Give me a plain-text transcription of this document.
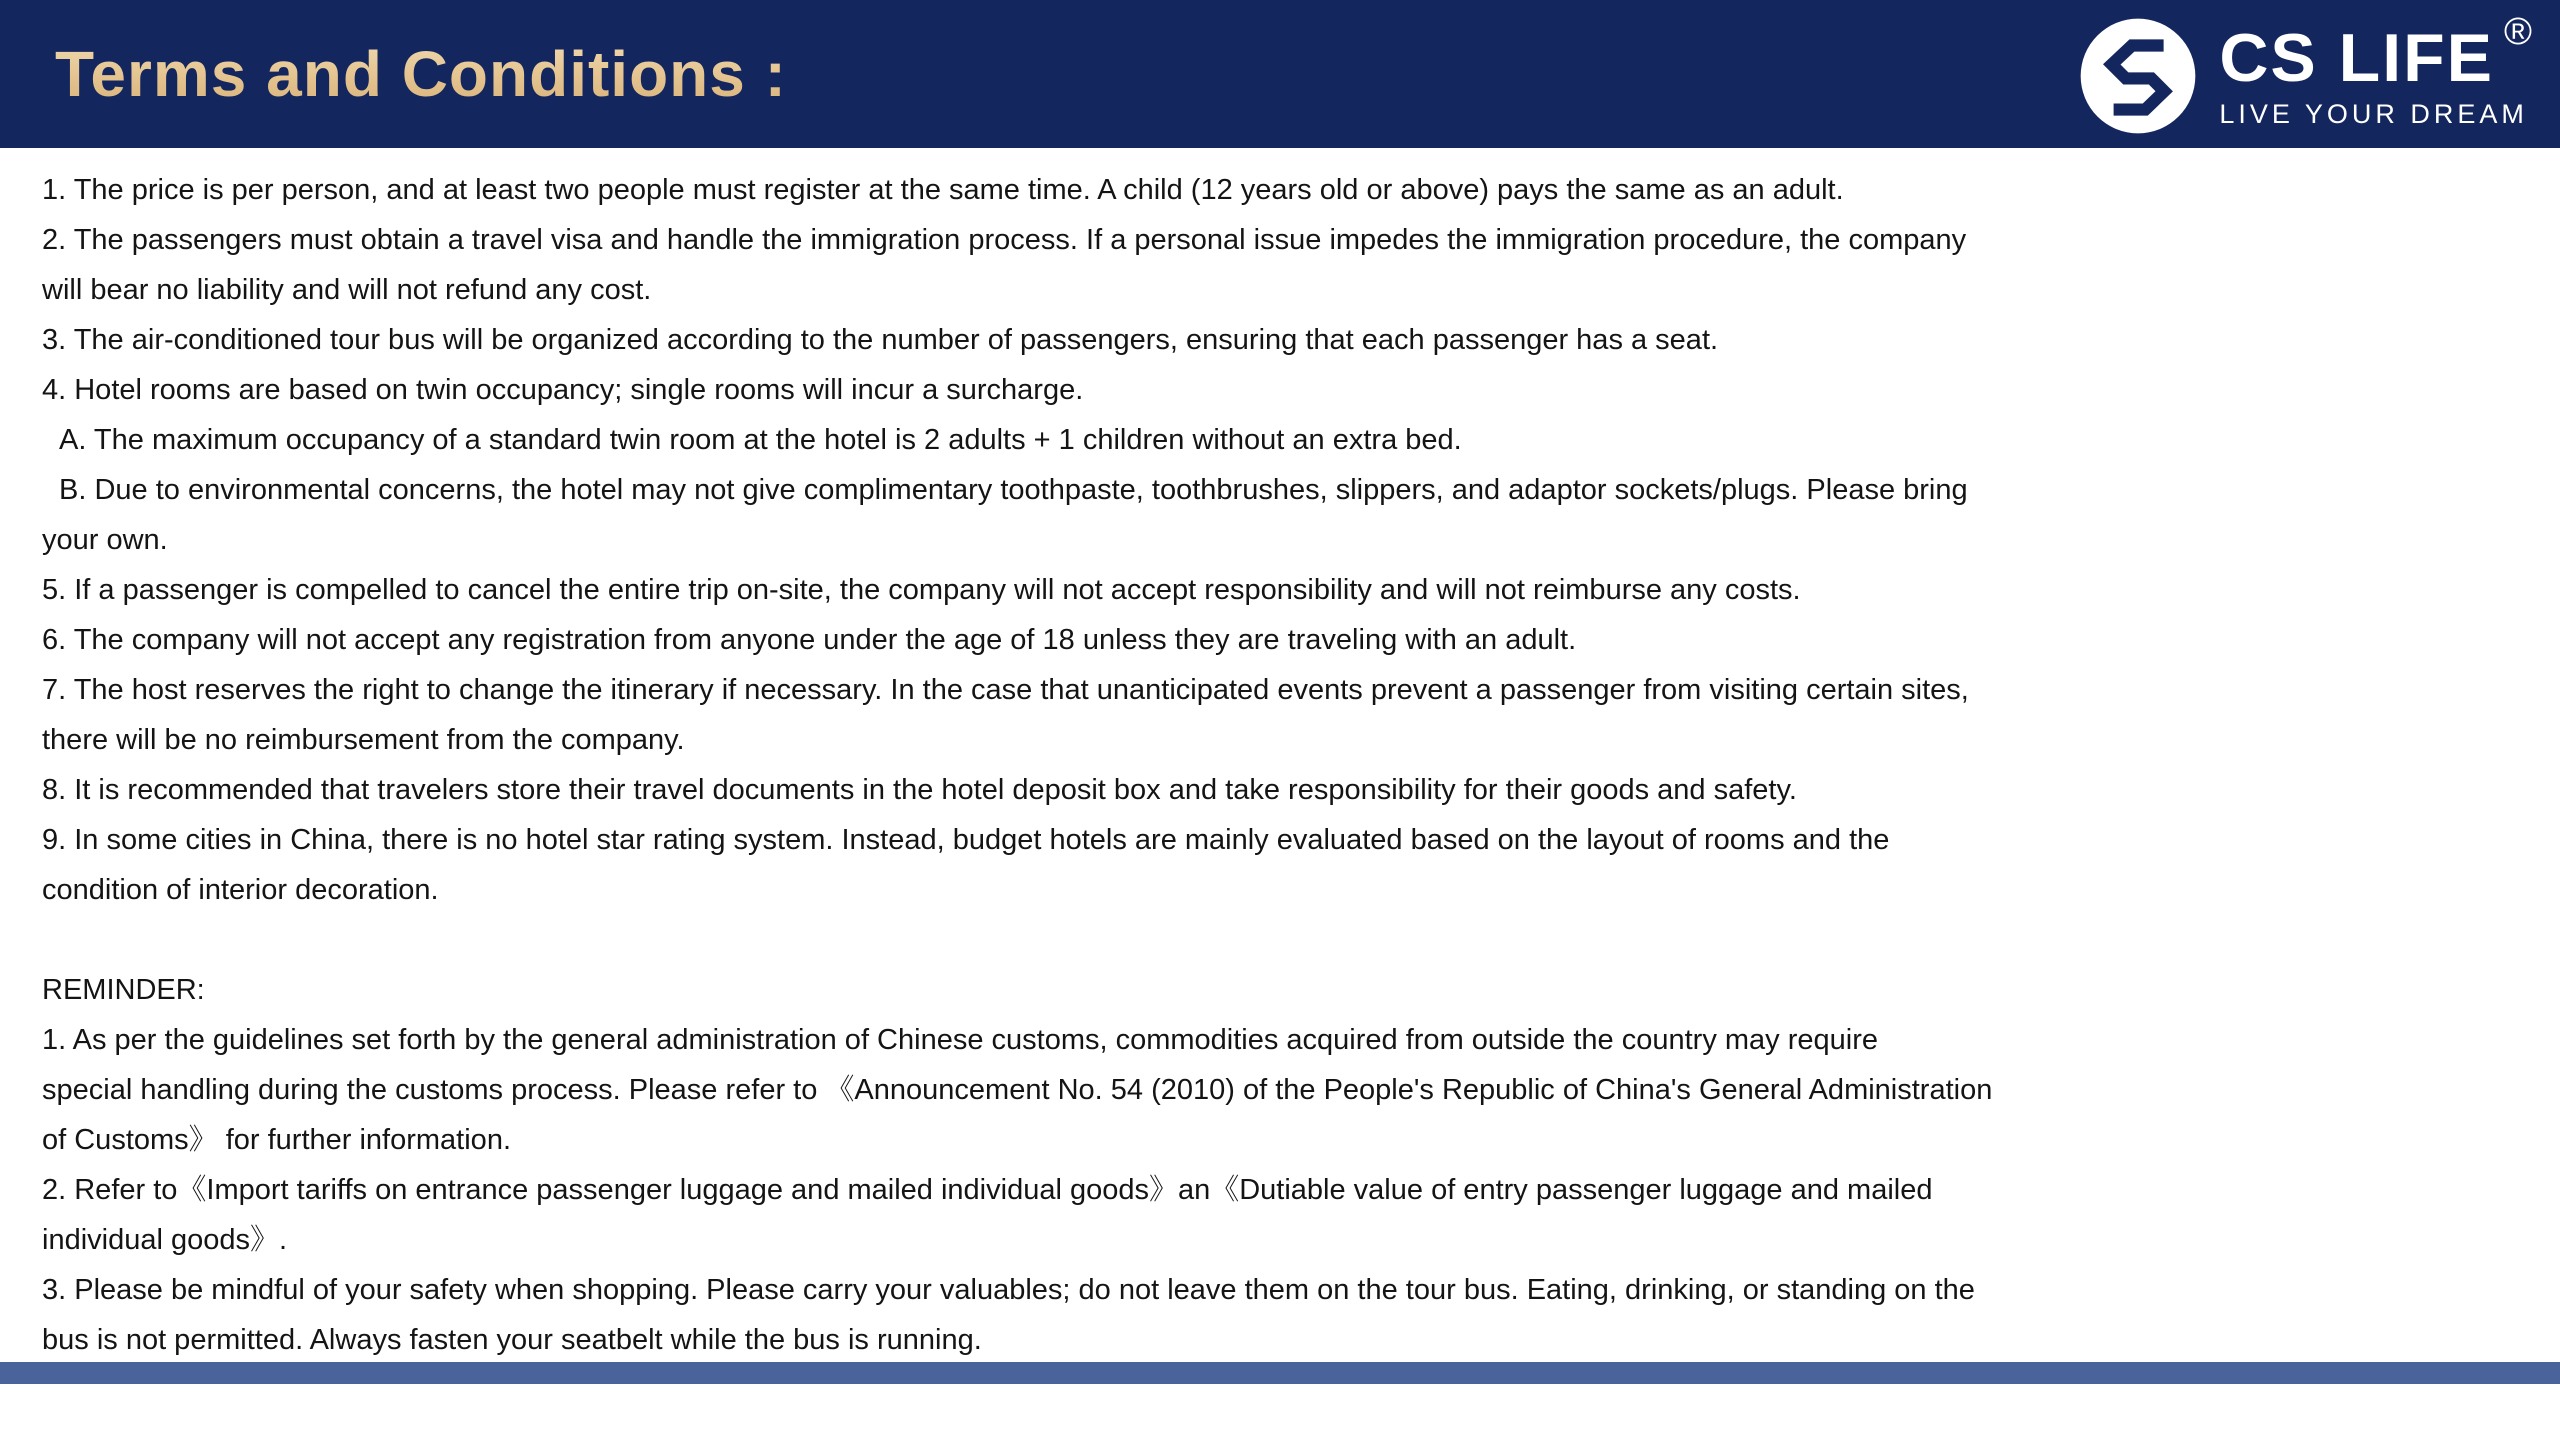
Terms and Conditions :	CS LIFE ®
LIVE YOUR DREAM

1. The price is per person, and at least two people must register at the same time. A child (12 years old or above) pays the same as an adult.

2. The passengers must obtain a travel visa and handle the immigration process. If a personal issue impedes the immigration procedure, the company

will bear no liability and will not refund any cost.

3. The air-conditioned tour bus will be organized according to the number of passengers, ensuring that each passenger has a seat.

4. Hotel rooms are based on twin occupancy; single rooms will incur a surcharge.

A. The maximum occupancy of a standard twin room at the hotel is 2 adults + 1 children without an extra bed.

B. Due to environmental concerns, the hotel may not give complimentary toothpaste, toothbrushes, slippers, and adaptor sockets/plugs. Please bring

your own.

5. If a passenger is compelled to cancel the entire trip on-site, the company will not accept responsibility and will not reimburse any costs.

6. The company will not accept any registration from anyone under the age of 18 unless they are traveling with an adult.

7. The host reserves the right to change the itinerary if necessary. In the case that unanticipated events prevent a passenger from visiting certain sites,

there will be no reimbursement from the company.

8. It is recommended that travelers store their travel documents in the hotel deposit box and take responsibility for their goods and safety.

9. In some cities in China, there is no hotel star rating system. Instead, budget hotels are mainly evaluated based on the layout of rooms and the

condition of interior decoration.

REMINDER:

1. As per the guidelines set forth by the general administration of Chinese customs, commodities acquired from outside the country may require

special handling during the customs process. Please refer to 《Announcement No. 54 (2010) of the People's Republic of China's General Administration

of Customs》 for further information.

2. Refer to《Import tariffs on entrance passenger luggage and mailed individual goods》an《Dutiable value of entry passenger luggage and mailed

individual goods》.

3. Please be mindful of your safety when shopping. Please carry your valuables; do not leave them on the tour bus. Eating, drinking, or standing on the

bus is not permitted. Always fasten your seatbelt while the bus is running.
